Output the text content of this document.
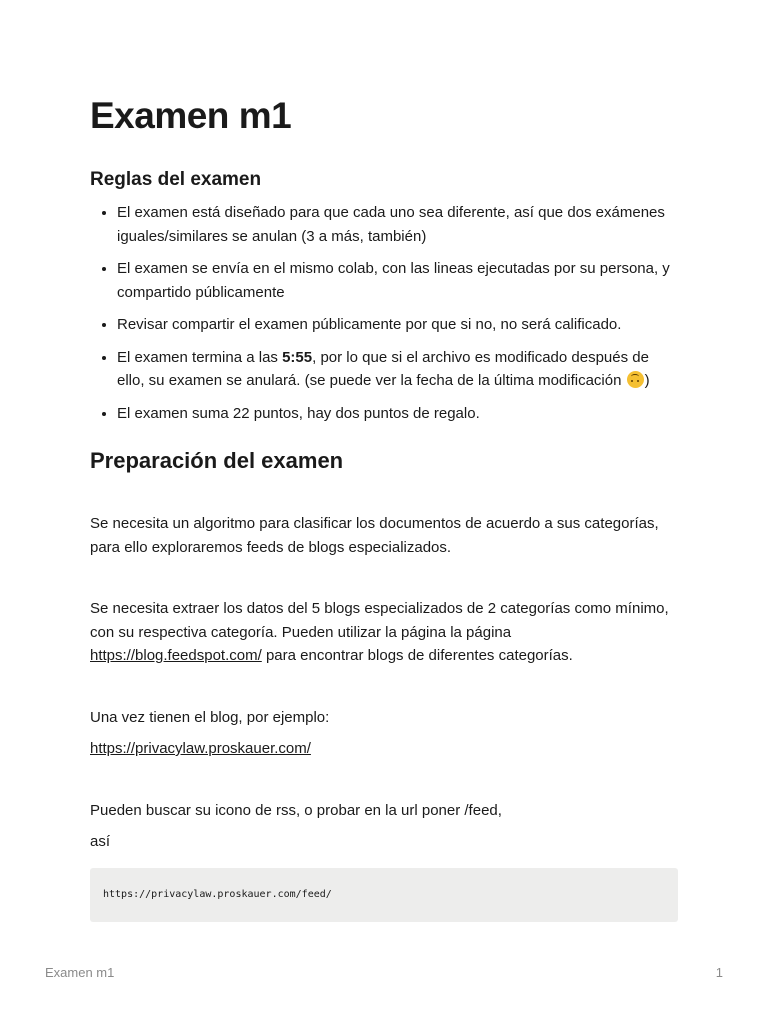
Examen m1
Reglas del examen
• El examen está diseñado para que cada uno sea diferente, así que dos exámenes iguales/similares se anulan (3 a más, también)
• El examen se envía en el mismo colab, con las lineas ejecutadas por su persona, y compartido públicamente
• Revisar compartir el examen públicamente por que si no, no será calificado.
• El examen termina a las 5:55, por lo que si el archivo es modificado después de ello, su examen se anulará. (se puede ver la fecha de la última modificación )
• El examen suma 22 puntos, hay dos puntos de regalo.
Preparación del examen

Se necesita un algoritmo para clasificar los documentos de acuerdo a sus categorías, para ello exploraremos feeds de blogs especializados.

Se necesita extraer los datos del 5 blogs especializados de 2 categorías como mínimo, con su respectiva categoría. Pueden utilizar la página la página https://blog.feedspot.com/ para encontrar blogs de diferentes categorías.

Una vez tienen el blog, por ejemplo:

https://privacylaw.proskauer.com/

Pueden buscar su icono de rss, o probar en la url poner /feed,

así

https://privacylaw.proskauer.com/feed/
Examen m1	1
